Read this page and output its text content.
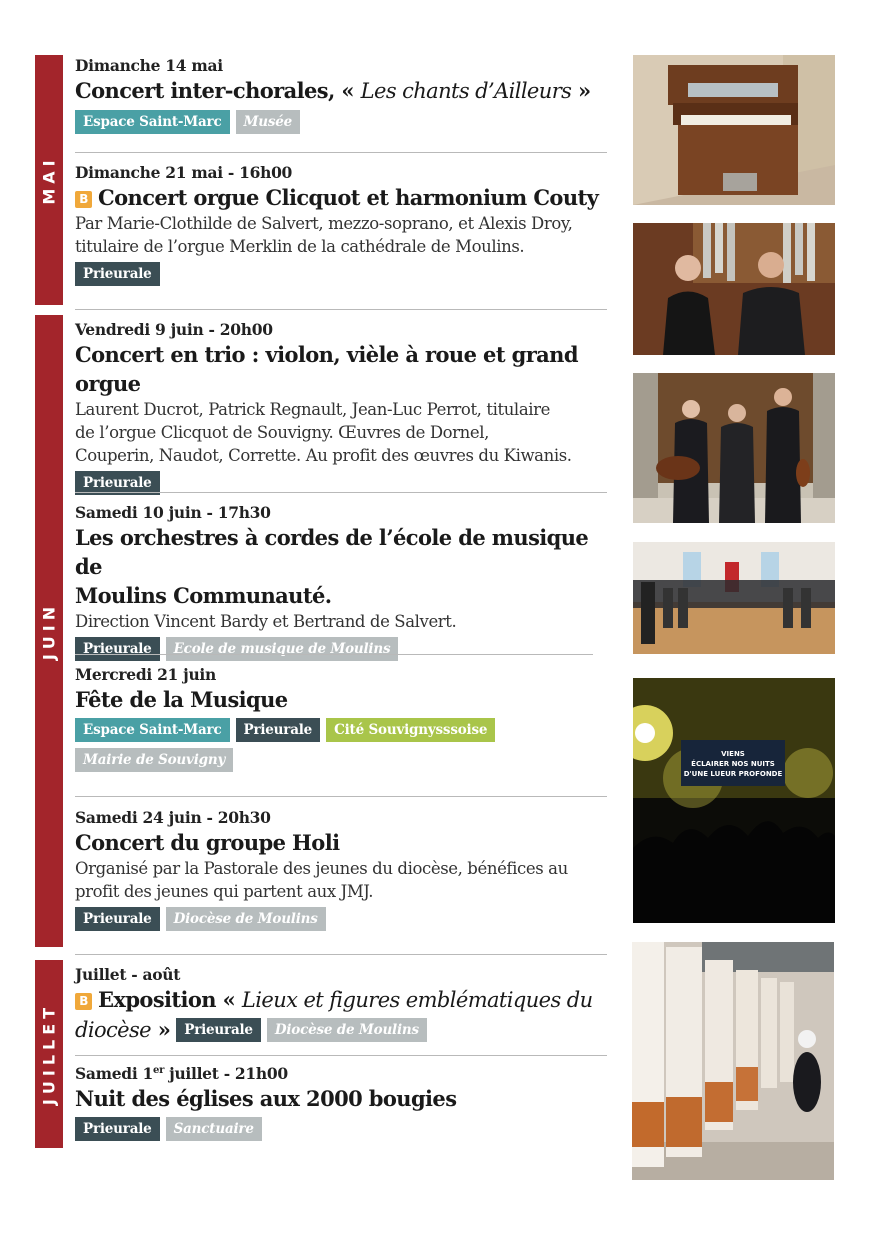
MAI
JUIN
JUILLET
Dimanche 14 mai
Concert inter-chorales, « Les chants d’Ailleurs »
Espace Saint-Marc	Musée
Dimanche 21 mai - 16h00
B Concert orgue Clicquot et harmonium Couty
Par Marie-Clothilde de Salvert, mezzo-soprano, et Alexis Droy,
titulaire de l’orgue Merklin de la cathédrale de Moulins.
Prieurale
Vendredi 9 juin - 20h00
Concert en trio : violon, vièle à roue et grand orgue
Laurent Ducrot, Patrick Regnault, Jean-Luc Perrot, titulaire
de l’orgue Clicquot de Souvigny. Œuvres de Dornel,
Couperin, Naudot, Corrette. Au profit des œuvres du Kiwanis.
Prieurale
Samedi 10 juin - 17h30
Les orchestres à cordes de l’école de musique de
Moulins Communauté.
Direction Vincent Bardy et Bertrand de Salvert.
Prieurale	Ecole de musique de Moulins
Mercredi 21 juin
Fête de la Musique
Espace Saint-Marc	Prieurale	Cité Souvignysssoise
Mairie de Souvigny
Samedi 24 juin - 20h30
Concert du groupe Holi
Organisé par la Pastorale des jeunes du diocèse, bénéfices au
profit des jeunes qui partent aux JMJ.
Prieurale	Diocèse de Moulins
Juillet - août
B Exposition « Lieux et figures emblématiques du
diocèse »	Prieurale	Diocèse de Moulins
Samedi 1er juillet - 21h00
Nuit des églises aux 2000 bougies
Prieurale	Sanctuaire
VIENS
ÉCLAIRER NOS NUITS
D'UNE LUEUR PROFONDE
